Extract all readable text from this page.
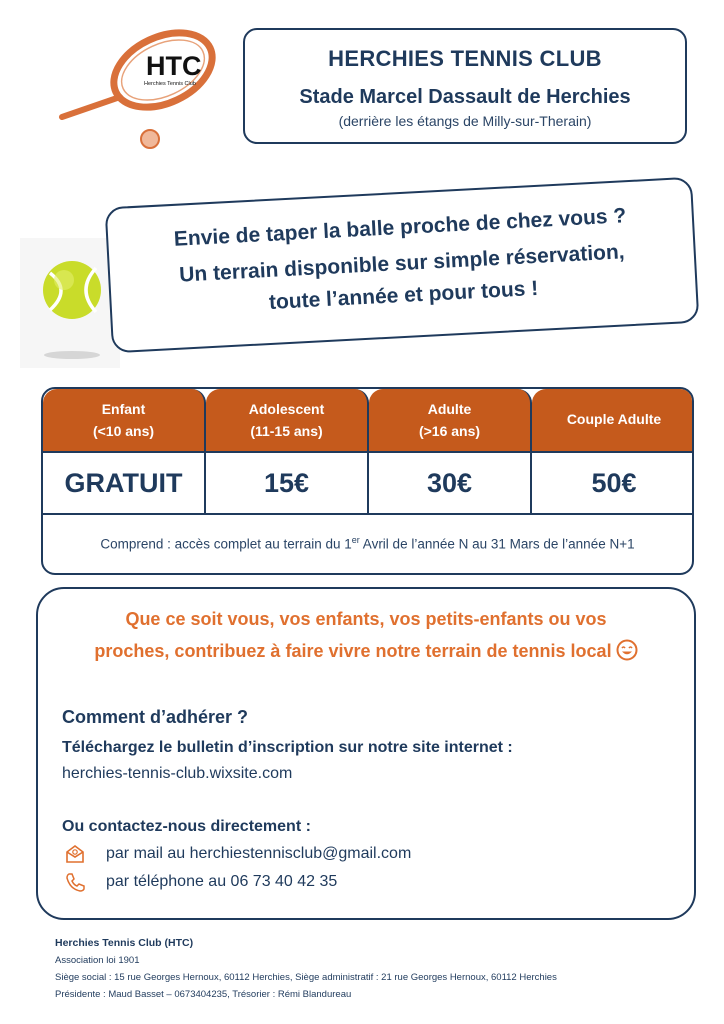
HTC
Herchies Tennis Club
HERCHIES TENNIS CLUB
Stade Marcel Dassault de Herchies
(derrière les étangs de Milly-sur-Therain)
Envie de taper la balle proche de chez vous ?
Un terrain disponible sur simple réservation,
toute l’année et pour tous !
Enfant
(<10 ans)
GRATUIT
Adolescent
(11-15 ans)
15€
Adulte
(>16 ans)
30€
Couple Adulte
50€
Comprend : accès complet au terrain du 1er Avril de l’année N au 31 Mars de l’année N+1
Que ce soit vous, vos enfants, vos petits-enfants ou vos
proches, contribuez à faire vivre notre terrain de tennis local
Comment d’adhérer ?
Téléchargez le bulletin d’inscription sur notre site internet :
herchies-tennis-club.wixsite.com
Ou contactez-nous directement :
par mail au herchiestennisclub@gmail.com
par téléphone au 06 73 40 42 35
Herchies Tennis Club (HTC)
Association loi 1901
Siège social : 15 rue Georges Hernoux, 60112 Herchies, Siège administratif : 21 rue Georges Hernoux, 60112 Herchies
Présidente : Maud Basset – 0673404235, Trésorier : Rémi Blandureau
